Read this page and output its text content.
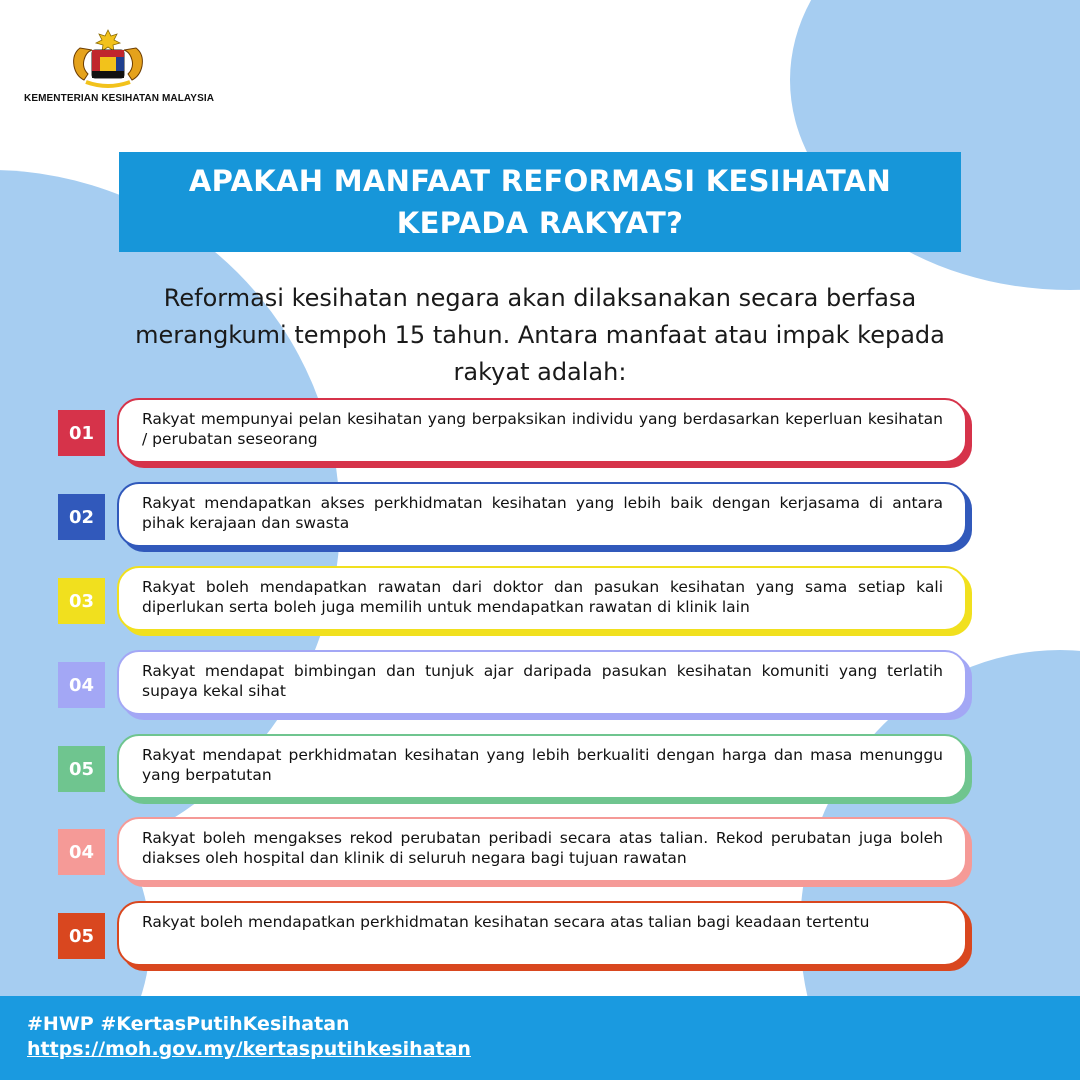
KEMENTERIAN KESIHATAN MALAYSIA
APAKAH MANFAAT REFORMASI KESIHATAN
KEPADA RAKYAT?
Reformasi kesihatan negara akan dilaksanakan secara berfasa
merangkumi tempoh 15 tahun. Antara manfaat atau impak kepada
rakyat adalah:
01
Rakyat mempunyai pelan kesihatan yang berpaksikan individu yang berdasarkan keperluan kesihatan / perubatan seseorang
02
Rakyat mendapatkan akses perkhidmatan kesihatan yang lebih baik dengan kerjasama di antara pihak kerajaan dan swasta
03
Rakyat boleh mendapatkan rawatan dari doktor dan pasukan kesihatan yang sama setiap kali diperlukan serta boleh juga memilih untuk mendapatkan rawatan di klinik lain
04
Rakyat mendapat bimbingan dan tunjuk ajar daripada pasukan kesihatan komuniti yang terlatih supaya kekal sihat
05
Rakyat mendapat perkhidmatan kesihatan yang lebih berkualiti dengan harga dan masa menunggu yang berpatutan
04
Rakyat boleh mengakses rekod perubatan peribadi secara atas talian. Rekod perubatan juga boleh diakses oleh hospital dan klinik di seluruh negara bagi tujuan rawatan
05
Rakyat boleh mendapatkan perkhidmatan kesihatan secara atas talian bagi keadaan tertentu
#HWP #KertasPutihKesihatan
https://moh.gov.my/kertasputihkesihatan
